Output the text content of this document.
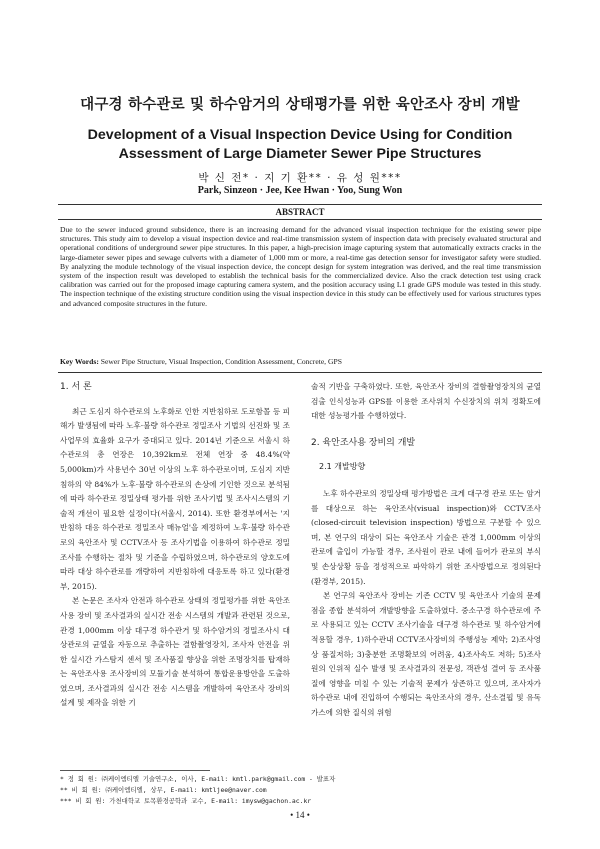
대구경 하수관로 및 하수암거의 상태평가를 위한 육안조사 장비 개발
Development of a Visual Inspection Device Using for Condition Assessment of Large Diameter Sewer Pipe Structures
박 신 전* · 지 기 환** · 유 성 원***
Park, Sinzeon · Jee, Kee Hwan · Yoo, Sung Won
ABSTRACT
Due to the sewer induced ground subsidence, there is an increasing demand for the advanced visual inspection technique for the existing sewer pipe structures. This study aim to develop a visual inspection device and real-time transmission system of inspection data with precisely evaluated structural and operational conditions of underground sewer pipe structures. In this paper, a high-precision image capturing system that automatically extracts cracks in the large-diameter sewer pipes and sewage culverts with a diameter of 1,000 mm or more, a real-time gas detection sensor for investigator safety were studied. By analyzing the module technology of the visual inspection device, the concept design for system integration was derived, and the real time transmission system of the inspection result was developed to establish the technical basis for the commercialized device. Also the crack detection test using crack calibration was carried out for the proposed image capturing camera system, and the position accuracy using L1 grade GPS module was tested in this study. The inspection technique of the existing structure condition using the visual inspection device in this study can be effectively used for various structures types and advanced composite structures in the future.
Key Words: Sewer Pipe Structure, Visual Inspection, Condition Assessment, Concrete, GPS
1. 서 론

최근 도심지 하수관로의 노후화로 인한 지반침하로 도로함몰 등 피해가 발생됨에 따라 노후·불량 하수관로 정밀조사 기법의 선진화 및 조사업무의 효율화 요구가 증대되고 있다. 2014년 기준으로 서울시 하수관로의 총 연장은 10,392km로 전체 연장 중 48.4%(약 5,000km)가 사용년수 30년 이상의 노후 하수관로이며, 도심지 지반침하의 약 84%가 노후·불량 하수관로의 손상에 기인한 것으로 분석됨에 따라 하수관로 정밀상태 평가를 위한 조사기법 및 조사시스템의 기술적 개선이 필요한 실정이다(서울시, 2014). 또한 환경부에서는 '지반침하 대응 하수관로 정밀조사 매뉴얼'을 제정하여 노후·불량 하수관로의 육안조사 및 CCTV조사 등 조사기법을 이용하여 하수관로 정밀조사를 수행하는 절차 및 기준을 수립하였으며, 하수관로의 양호도에 따라 대상 하수관로를 개량하여 지반침하에 대응토록 하고 있다(환경부, 2015).

본 논문은 조사자 안전과 하수관로 상태의 정밀평가를 위한 육안조사용 장비 및 조사결과의 실시간 전송 시스템의 개발과 관련된 것으로, 관경 1,000mm 이상 대구경 하수관거 및 하수암거의 정밀조사시 대상관로의 균열을 자동으로 추출하는 결함촬영장치, 조사자 안전을 위한 실시간 가스탐지 센서 및 조사품질 향상을 위한 조명장치를 탑재하는 육안조사용 조사장비의 모듈기술 분석하여 통합운용방안을 도출하였으며, 조사결과의 실시간 전송 시스템을 개발하여 육안조사 장비의 설계 및 제작을 위한 기

술적 기반을 구축하였다. 또한, 육안조사 장비의 결함촬영장치의 균열검출 인식성능과 GPS를 이용한 조사위치 수신장치의 위치 정확도에 대한 성능평가를 수행하였다.

2. 육안조사용 장비의 개발
2.1 개발방향

노후 하수관로의 정밀상태 평가방법은 크게 대구경 관로 또는 암거를 대상으로 하는 육안조사(visual inspection)와 CCTV조사(closed-circuit television inspection) 방법으로 구분할 수 있으며, 본 연구의 대상이 되는 육안조사 기술은 관경 1,000mm 이상의 관로에 출입이 가능할 경우, 조사원이 관로 내에 들어가 관로의 부식 및 손상상황 등을 정성적으로 파악하기 위한 조사방법으로 정의된다(환경부, 2015).

본 연구의 육안조사 장비는 기존 CCTV 및 육안조사 기술의 문제점을 종합 분석하여 개발방향을 도출하였다. 중소구경 하수관로에 주로 사용되고 있는 CCTV 조사기술을 대구경 하수관로 및 하수암거에 적용할 경우, 1)하수관내 CCTV조사장비의 주행성능 제약; 2)조사영상 품질저하; 3)충분한 조명확보의 어려움, 4)조사속도 저하; 5)조사원의 인위적 실수 발생 및 조사결과의 전문성, 객관성 결여 등 조사품질에 영향을 미칠 수 있는 기술적 문제가 상존하고 있으며, 조사자가 하수관로 내에 진입하여 수행되는 육안조사의 경우, 산소결핍 및 유독가스에 의한 질식의 위험

* 정 회 원: ㈜케이엠티엘 기술연구소, 이사, E-mail: kmtl.park@gmail.com - 발표자
** 비 회 원: ㈜케이엠티엘, 상무, E-mail: kmtljee@naver.com
*** 비 회 원: 가천대학교 토목환경공학과 교수, E-mail: imysw@gachon.ac.kr
• 14 •
